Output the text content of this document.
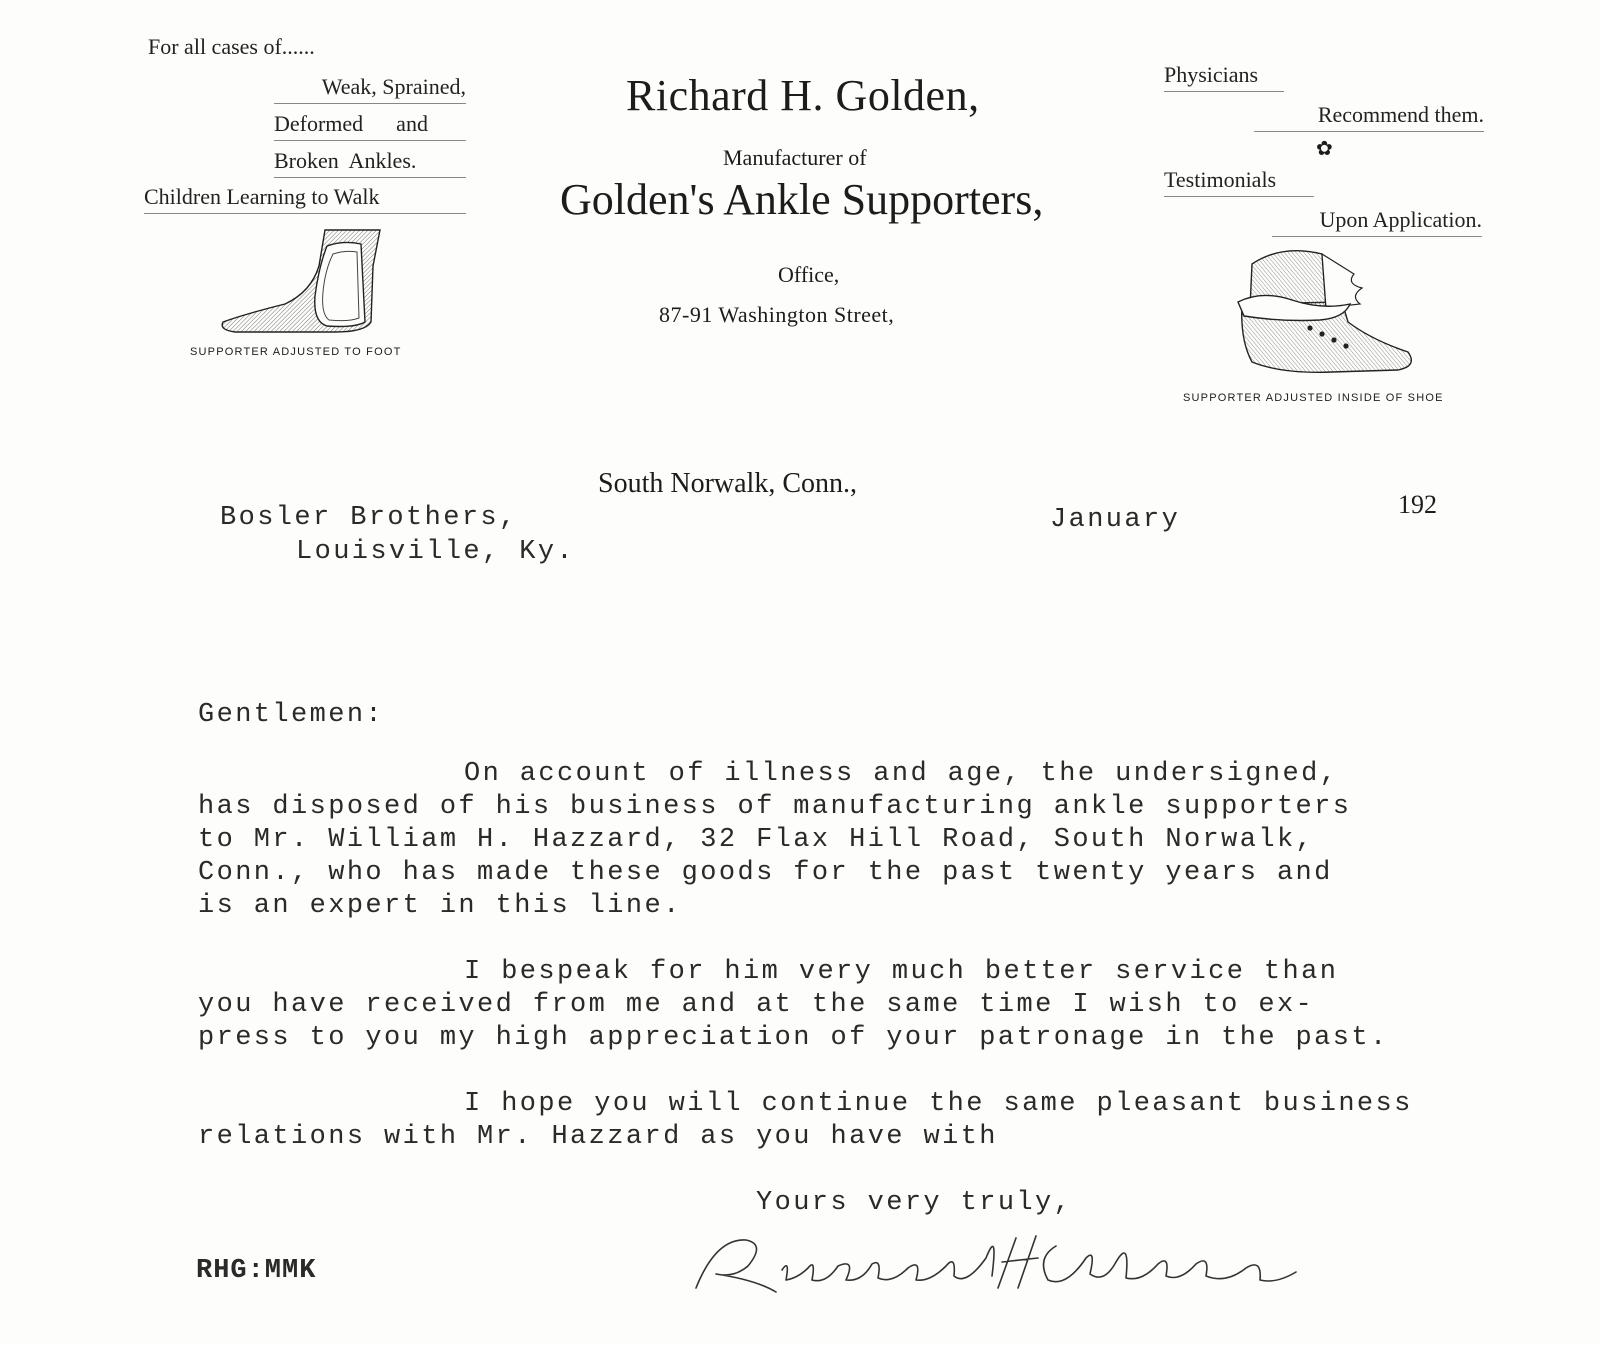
For all cases of......
Weak, Sprained,
Deformed      and
Broken  Ankles.
Children Learning to Walk
SUPPORTER ADJUSTED TO FOOT
Richard H. Golden,
Manufacturer of
Golden's Ankle Supporters,
Office,
87-91 Washington Street,
Physicians
Recommend them.
✿
Testimonials
Upon Application.
SUPPORTER ADJUSTED INSIDE OF SHOE
South Norwalk, Conn.,
January
192
Bosler Brothers,
Louisville, Ky.
Gentlemen:
On account of illness and age, the undersigned,
has disposed of his business of manufacturing ankle supporters
to Mr. William H. Hazzard, 32 Flax Hill Road, South Norwalk,
Conn., who has made these goods for the past twenty years and
is an expert in this line.
I bespeak for him very much better service than
you have received from me and at the same time I wish to ex-
press to you my high appreciation of your patronage in the past.
I hope you will continue the same pleasant business
relations with Mr. Hazzard as you have with
Yours very truly,
RHG:MMK
